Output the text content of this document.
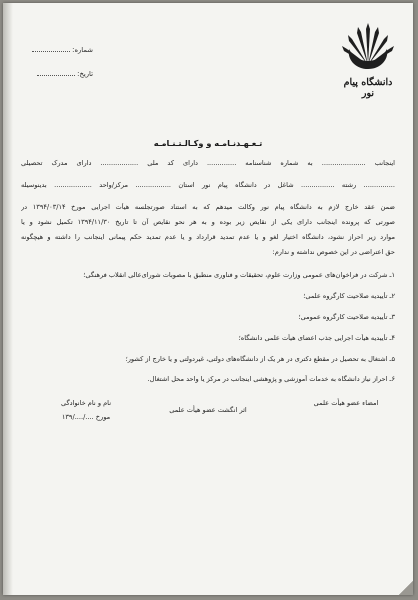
دانشگاه پیام نور
شماره:
تاریخ:
تـعـهـدنـامـه و وکـالـتـنـامـه
اینجانب ..................... به شماره شناسنامه .............. دارای کد ملی .................. دارای مدرک تحصیلی
............... رشته ................ شاغل در دانشگاه پیام نور استان ................. مرکز/واحد .................. بدینوسیله
ضمن عقد خارج لازم به دانشگاه پیام نور وکالت میدهم که به استناد صورتجلسه هیأت اجرایی مورخ ۱۳۹۴/۰۳/۱۴ در
صورتی که پرونده اینجانب دارای یکی از نقایص زیر بوده و به هر نحو نقایص آن تا تاریخ ۱۳۹۴/۱۱/۳۰ تکمیل نشود و یا
موارد زیر احراز نشود، دانشگاه اختیار لغو و یا عدم تمدید قرارداد و یا عدم تمدید حکم پیمانی اینجانب را داشته و هیچگونه
حق اعتراضی در این خصوص نداشته و ندارم:
۱ـ شرکت در فراخوان‌های عمومی وزارت علوم، تحقیقات و فناوری منطبق با مصوبات شورای‌عالی انقلاب فرهنگی؛
۲ـ تأییدیه صلاحیت کارگروه علمی؛
۳ـ تأییدیه صلاحیت کارگروه عمومی؛
۴ـ تأییدیه هیأت اجرایی جذب اعضای هیأت علمی دانشگاه؛
۵ـ اشتغال به تحصیل در مقطع دکتری در هر یک از دانشگاه‌های دولتی، غیردولتی و یا خارج از کشور؛
۶ـ احراز نیاز دانشگاه به خدمات آموزشی و پژوهشی اینجانب در مرکز یا واحد محل اشتغال.
امضاء عضو هیأت علمی
اثر انگشت عضو هیأت علمی
نام و نام خانوادگی
مورخ ..../..../۱۳۹
